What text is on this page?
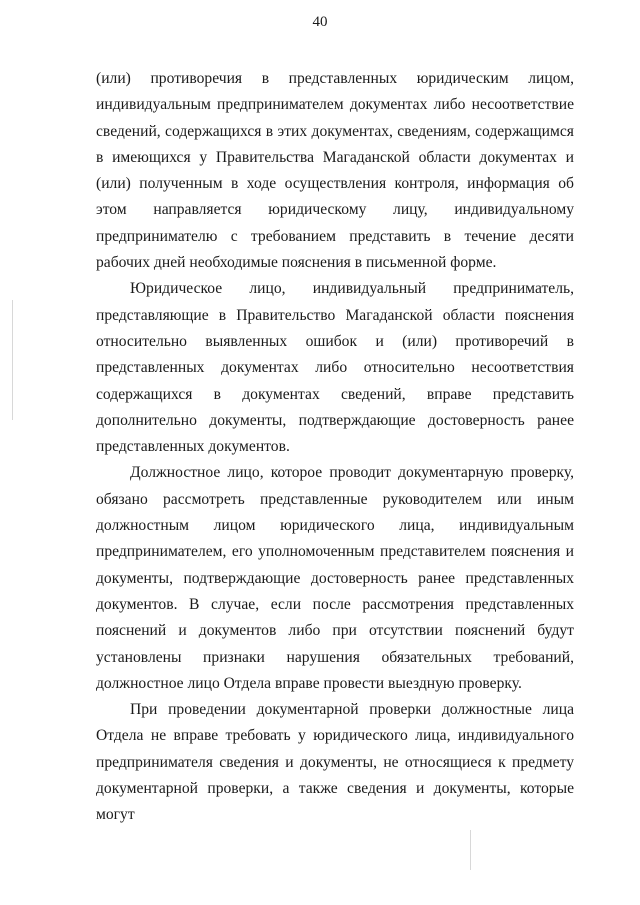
40

(или) противоречия в представленных юридическим лицом, индивидуальным предпринимателем документах либо несоответствие сведений, содержащихся в этих документах, сведениям, содержащимся в имеющихся у Правительства Магаданской области документах и (или) полученным в ходе осуществления контроля, информация об этом направляется юридическому лицу, индивидуальному предпринимателю с требованием представить в течение десяти рабочих дней необходимые пояснения в письменной форме.

Юридическое лицо, индивидуальный предприниматель, представляющие в Правительство Магаданской области пояснения относительно выявленных ошибок и (или) противоречий в представленных документах либо относительно несоответствия содержащихся в документах сведений, вправе представить дополнительно документы, подтверждающие достоверность ранее представленных документов.

Должностное лицо, которое проводит документарную проверку, обязано рассмотреть представленные руководителем или иным должностным лицом юридического лица, индивидуальным предпринимателем, его уполномоченным представителем пояснения и документы, подтверждающие достоверность ранее представленных документов. В случае, если после рассмотрения представленных пояснений и документов либо при отсутствии пояснений будут установлены признаки нарушения обязательных требований, должностное лицо Отдела вправе провести выездную проверку.

При проведении документарной проверки должностные лица Отдела не вправе требовать у юридического лица, индивидуального предпринимателя сведения и документы, не относящиеся к предмету документарной проверки, а также сведения и документы, которые могут
